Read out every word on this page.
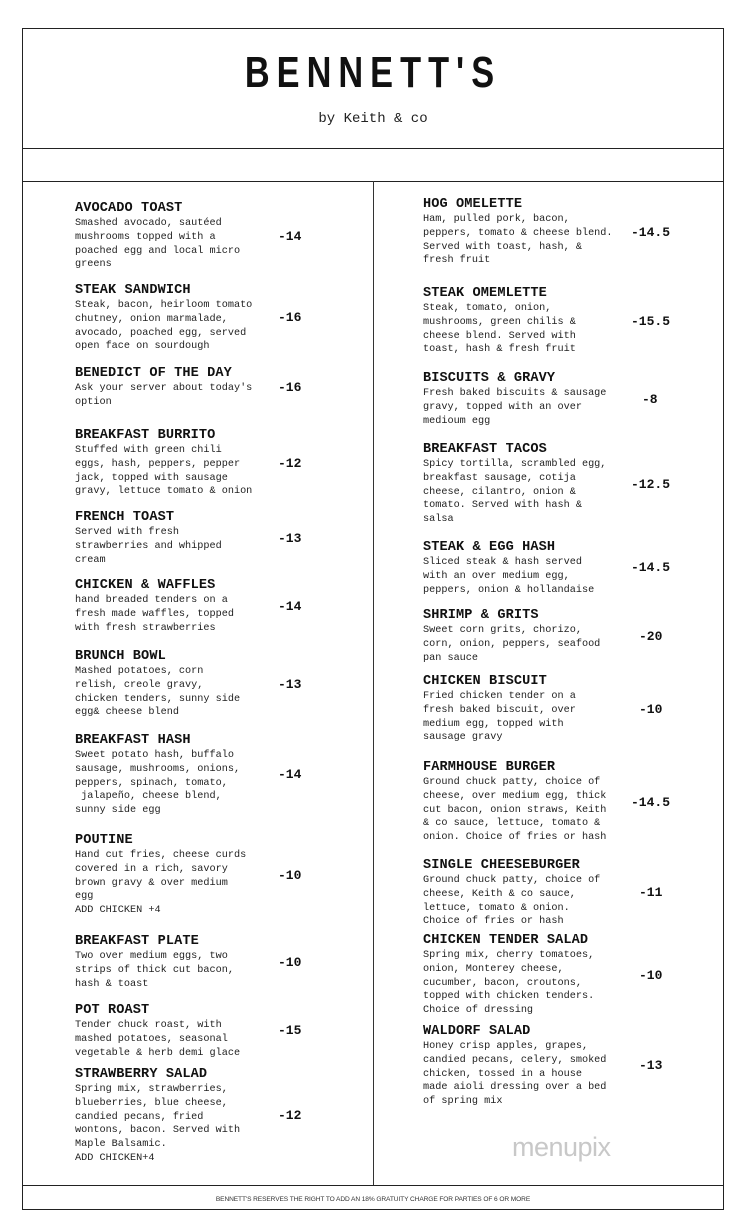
BENNETT'S
by Keith & co
AVOCADO TOAST
Smashed avocado, sautéed
mushrooms topped with a
poached egg and local micro
greens
-14
STEAK SANDWICH
Steak, bacon, heirloom tomato
chutney, onion marmalade,
avocado, poached egg, served
open face on sourdough
-16
BENEDICT OF THE DAY
Ask your server about today's
option
-16
BREAKFAST BURRITO
Stuffed with green chili
eggs, hash, peppers, pepper
jack, topped with sausage
gravy, lettuce tomato & onion
-12
FRENCH TOAST
Served with fresh
strawberries and whipped
cream
-13
CHICKEN & WAFFLES
hand breaded tenders on a
fresh made waffles, topped
with fresh strawberries
-14
BRUNCH BOWL
Mashed potatoes, corn
relish, creole gravy,
chicken tenders, sunny side
egg& cheese blend
-13
BREAKFAST HASH
Sweet potato hash, buffalo
sausage, mushrooms, onions,
peppers, spinach, tomato,
jalapeño, cheese blend,
sunny side egg
-14
POUTINE
Hand cut fries, cheese curds
covered in a rich, savory
brown gravy & over medium
egg
ADD CHICKEN +4
-10
BREAKFAST PLATE
Two over medium eggs, two
strips of thick cut bacon,
hash & toast
-10
POT ROAST
Tender chuck roast, with
mashed potatoes, seasonal
vegetable & herb demi glace
-15
STRAWBERRY SALAD
Spring mix, strawberries,
blueberries, blue cheese,
candied pecans, fried
wontons, bacon. Served with
Maple Balsamic.
ADD CHICKEN+4
-12
HOG OMELETTE
Ham, pulled pork, bacon,
peppers, tomato & cheese blend.
Served with toast, hash, &
fresh fruit
-14.5
STEAK OMEMLETTE
Steak, tomato, onion,
mushrooms, green chilis &
cheese blend. Served with
toast, hash & fresh fruit
-15.5
BISCUITS & GRAVY
Fresh baked biscuits & sausage
gravy, topped with an over
medioum egg
-8
BREAKFAST TACOS
Spicy tortilla, scrambled egg,
breakfast sausage, cotija
cheese, cilantro, onion &
tomato. Served with hash &
salsa
-12.5
STEAK & EGG HASH
Sliced steak & hash served
with an over medium egg,
peppers, onion & hollandaise
-14.5
SHRIMP & GRITS
Sweet corn grits, chorizo,
corn, onion, peppers, seafood
pan sauce
-20
CHICKEN BISCUIT
Fried chicken tender on a
fresh baked biscuit, over
medium egg, topped with
sausage gravy
-10
FARMHOUSE BURGER
Ground chuck patty, choice of
cheese, over medium egg, thick
cut bacon, onion straws, Keith
& co sauce, lettuce, tomato &
onion. Choice of fries or hash
-14.5
SINGLE CHEESEBURGER
Ground chuck patty, choice of
cheese, Keith & co sauce,
lettuce, tomato & onion.
Choice of fries or hash
-11
CHICKEN TENDER SALAD
Spring mix, cherry tomatoes,
onion, Monterey cheese,
cucumber, bacon, croutons,
topped with chicken tenders.
Choice of dressing
-10
WALDORF SALAD
Honey crisp apples, grapes,
candied pecans, celery, smoked
chicken, tossed in a house
made aioli dressing over a bed
of spring mix
-13
BENNETT'S RESERVES THE RIGHT TO ADD AN 18% GRATUITY CHARGE FOR PARTIES OF 6 OR MORE
menupix
